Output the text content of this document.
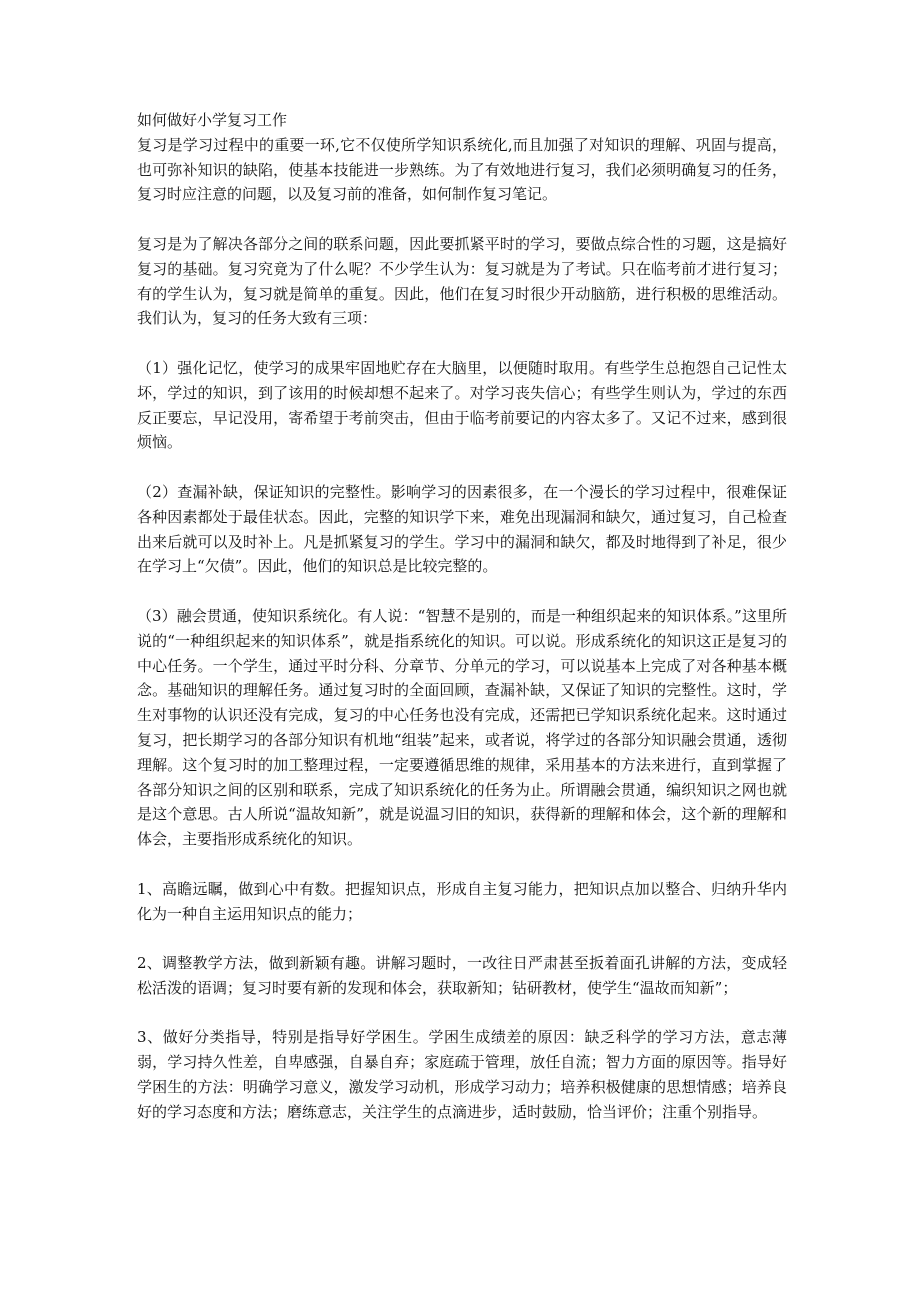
如何做好小学复习工作

复习是学习过程中的重要一环,它不仅使所学知识系统化,而且加强了对知识的理解、巩固与提高，也可弥补知识的缺陷，使基本技能进一步熟练。为了有效地进行复习，我们必须明确复习的任务，复习时应注意的问题，以及复习前的准备，如何制作复习笔记。

复习是为了解决各部分之间的联系问题，因此要抓紧平时的学习，要做点综合性的习题，这是搞好复习的基础。复习究竟为了什么呢？不少学生认为：复习就是为了考试。只在临考前才进行复习；有的学生认为，复习就是简单的重复。因此，他们在复习时很少开动脑筋，进行积极的思维活动。我们认为，复习的任务大致有三项：

（1）强化记忆，使学习的成果牢固地贮存在大脑里，以便随时取用。有些学生总抱怨自己记性太坏，学过的知识，到了该用的时候却想不起来了。对学习丧失信心；有些学生则认为，学过的东西反正要忘，早记没用，寄希望于考前突击，但由于临考前要记的内容太多了。又记不过来，感到很烦恼。

（2）查漏补缺，保证知识的完整性。影响学习的因素很多，在一个漫长的学习过程中，很难保证各种因素都处于最佳状态。因此，完整的知识学下来，难免出现漏洞和缺欠，通过复习，自己检查出来后就可以及时补上。凡是抓紧复习的学生。学习中的漏洞和缺欠，都及时地得到了补足，很少在学习上“欠债”。因此，他们的知识总是比较完整的。

（3）融会贯通，使知识系统化。有人说：“智慧不是别的，而是一种组织起来的知识体系。”这里所说的“一种组织起来的知识体系”，就是指系统化的知识。可以说。形成系统化的知识这正是复习的中心任务。一个学生，通过平时分科、分章节、分单元的学习，可以说基本上完成了对各种基本概念。基础知识的理解任务。通过复习时的全面回顾，查漏补缺，又保证了知识的完整性。这时，学生对事物的认识还没有完成，复习的中心任务也没有完成，还需把已学知识系统化起来。这时通过复习，把长期学习的各部分知识有机地“组装”起来，或者说，将学过的各部分知识融会贯通，透彻理解。这个复习时的加工整理过程，一定要遵循思维的规律，采用基本的方法来进行，直到掌握了各部分知识之间的区别和联系，完成了知识系统化的任务为止。所谓融会贯通，编织知识之网也就是这个意思。古人所说“温故知新”，就是说温习旧的知识，获得新的理解和体会，这个新的理解和体会，主要指形成系统化的知识。

1、高瞻远瞩，做到心中有数。把握知识点，形成自主复习能力，把知识点加以整合、归纳升华内化为一种自主运用知识点的能力；

2、调整教学方法，做到新颖有趣。讲解习题时，一改往日严肃甚至扳着面孔讲解的方法，变成轻松活泼的语调；复习时要有新的发现和体会，获取新知；钻研教材，使学生“温故而知新”；

3、做好分类指导，特别是指导好学困生。学困生成绩差的原因：缺乏科学的学习方法，意志薄弱，学习持久性差，自卑感强，自暴自弃；家庭疏于管理，放任自流；智力方面的原因等。指导好学困生的方法：明确学习意义，激发学习动机，形成学习动力；培养积极健康的思想情感；培养良好的学习态度和方法；磨练意志，关注学生的点滴进步，适时鼓励，恰当评价；注重个别指导。
